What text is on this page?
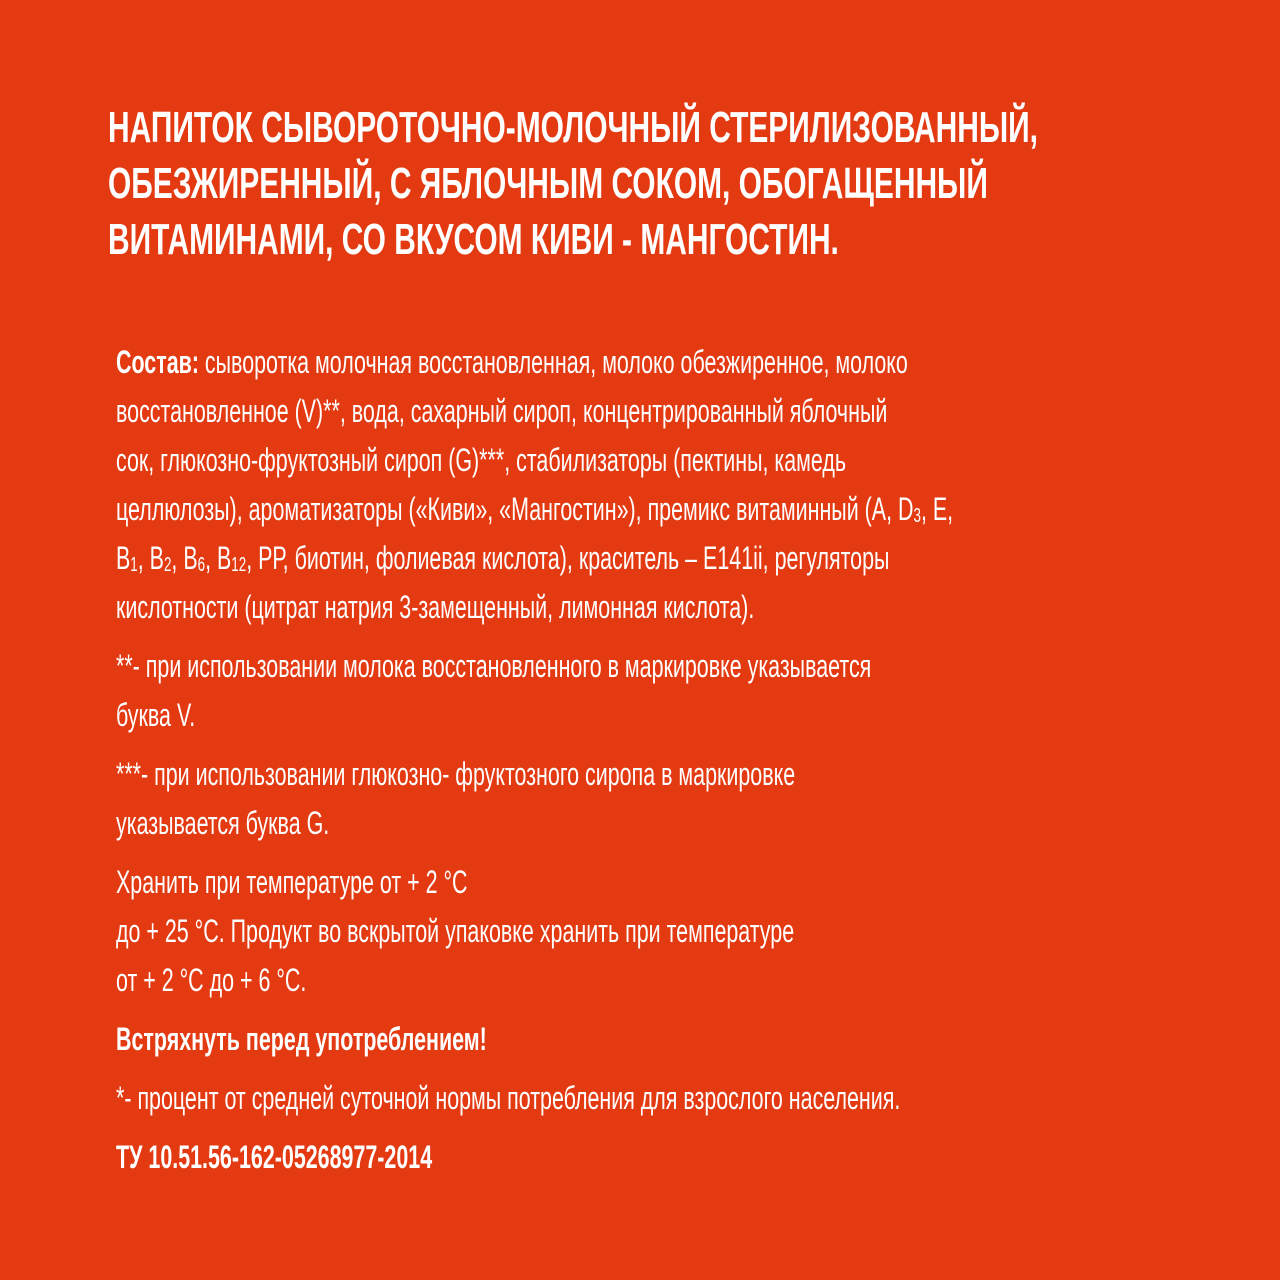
НАПИТОК СЫВОРОТОЧНО-МОЛОЧНЫЙ СТЕРИЛИЗОВАННЫЙ,
ОБЕЗЖИРЕННЫЙ, С ЯБЛОЧНЫМ СОКОМ, ОБОГАЩЕННЫЙ
ВИТАМИНАМИ, СО ВКУСОМ КИВИ - МАНГОСТИН.
Состав: сыворотка молочная восстановленная, молоко обезжиренное, молоко
восстановленное (V)**, вода, сахарный сироп, концентрированный яблочный
сок, глюкозно-фруктозный сироп (G)***, стабилизаторы (пектины, камедь
целлюлозы), ароматизаторы («Киви», «Мангостин»), премикс витаминный (А, $D_3$, Е,
$В_1$, $В_2$, $В_6$, $В_{12}$, РР, биотин, фолиевая кислота), краситель – Е141ii, регуляторы
кислотности (цитрат натрия 3-замещенный, лимонная кислота).
**- при использовании молока восстановленного в маркировке указывается
буква V.
***- при использовании глюкозно- фруктозного сиропа в маркировке
указывается буква G.
Хранить при температуре от + 2 °С
до + 25 °С. Продукт во вскрытой упаковке хранить при температуре
от + 2 °С до + 6 °С.
Встряхнуть перед употреблением!
*- процент от средней суточной нормы потребления для взрослого населения.
ТУ 10.51.56-162-05268977-2014
